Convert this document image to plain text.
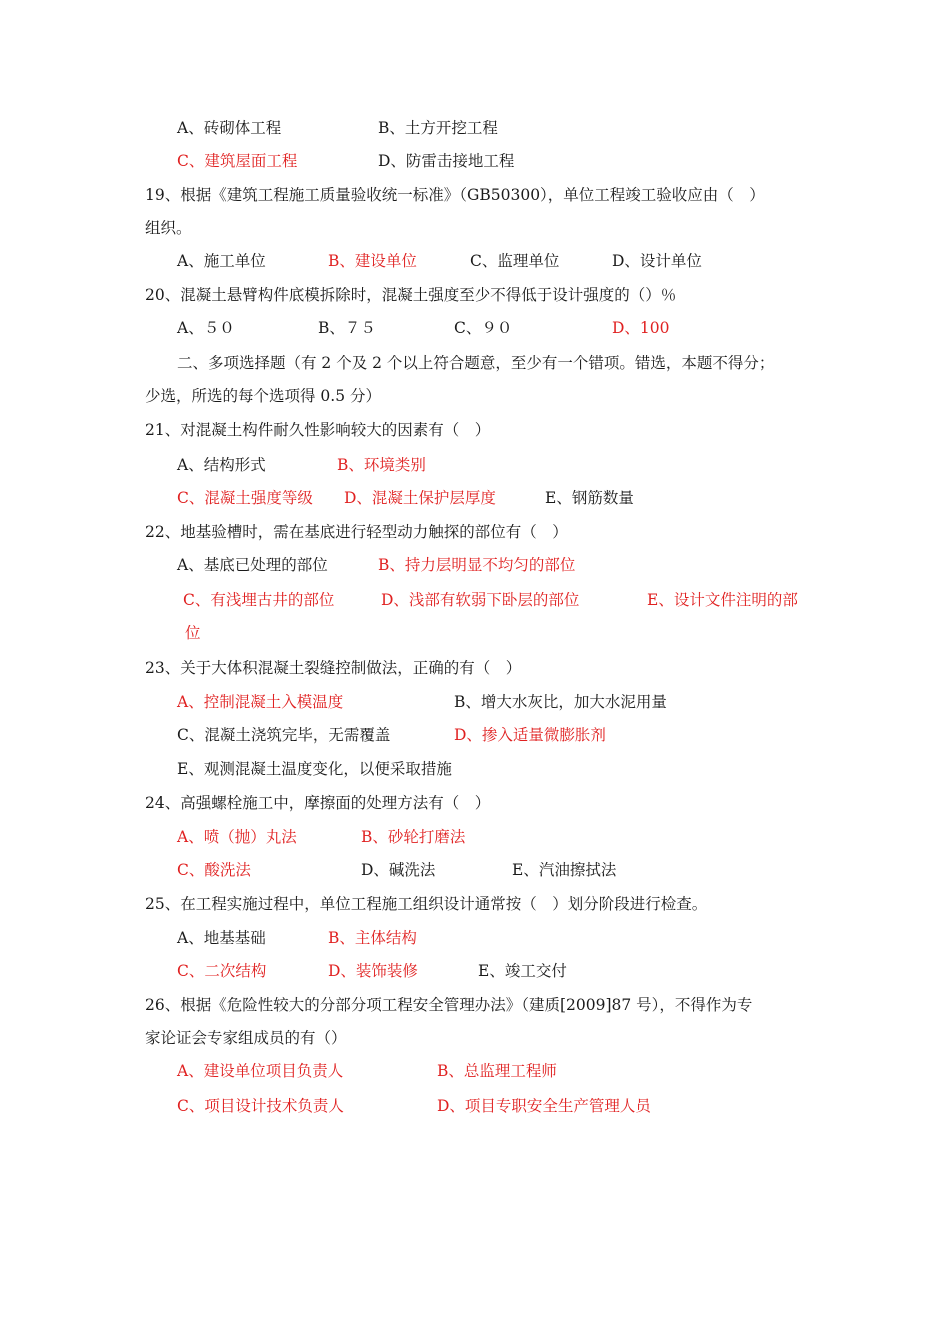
A、砖砌体工程	B、土方开挖工程
C、建筑屋面工程	D、防雷击接地工程
19、根据《建筑工程施工质量验收统一标准》（GB50300），单位工程竣工验收应由（　）
组织。
A、施工单位	B、建设单位	C、监理单位	D、设计单位
20、混凝土悬臂构件底模拆除时，混凝土强度至少不得低于设计强度的（）％
A、５０	B、７５	C、９０	D、100
二、多项选择题（有 2 个及 2 个以上符合题意，至少有一个错项。错选，本题不得分；
少选，所选的每个选项得 0.5 分）
21、对混凝土构件耐久性影响较大的因素有（　）
A、结构形式	B、环境类别
C、混凝土强度等级 D、混凝土保护层厚度	E、钢筋数量
22、地基验槽时，需在基底进行轻型动力触探的部位有（　）
A、基底已处理的部位	B、持力层明显不均匀的部位
C、有浅埋古井的部位	D、浅部有软弱下卧层的部位	E、设计文件注明的部
位
23、关于大体积混凝土裂缝控制做法，正确的有（　）
A、控制混凝土入模温度	B、增大水灰比，加大水泥用量
C、混凝土浇筑完毕，无需覆盖	D、掺入适量微膨胀剂
E、观测混凝土温度变化，以便采取措施
24、高强螺栓施工中，摩擦面的处理方法有（　）
A、喷（抛）丸法	B、砂轮打磨法
C、酸洗法	D、碱洗法	E、汽油擦拭法
25、在工程实施过程中，单位工程施工组织设计通常按（　）划分阶段进行检查。
A、地基基础	B、主体结构
C、二次结构	D、装饰装修	E、竣工交付
26、根据《危险性较大的分部分项工程安全管理办法》（建质[2009]87 号），不得作为专
家论证会专家组成员的有（）
A、建设单位项目负责人	B、总监理工程师
C、项目设计技术负责人	D、项目专职安全生产管理人员
